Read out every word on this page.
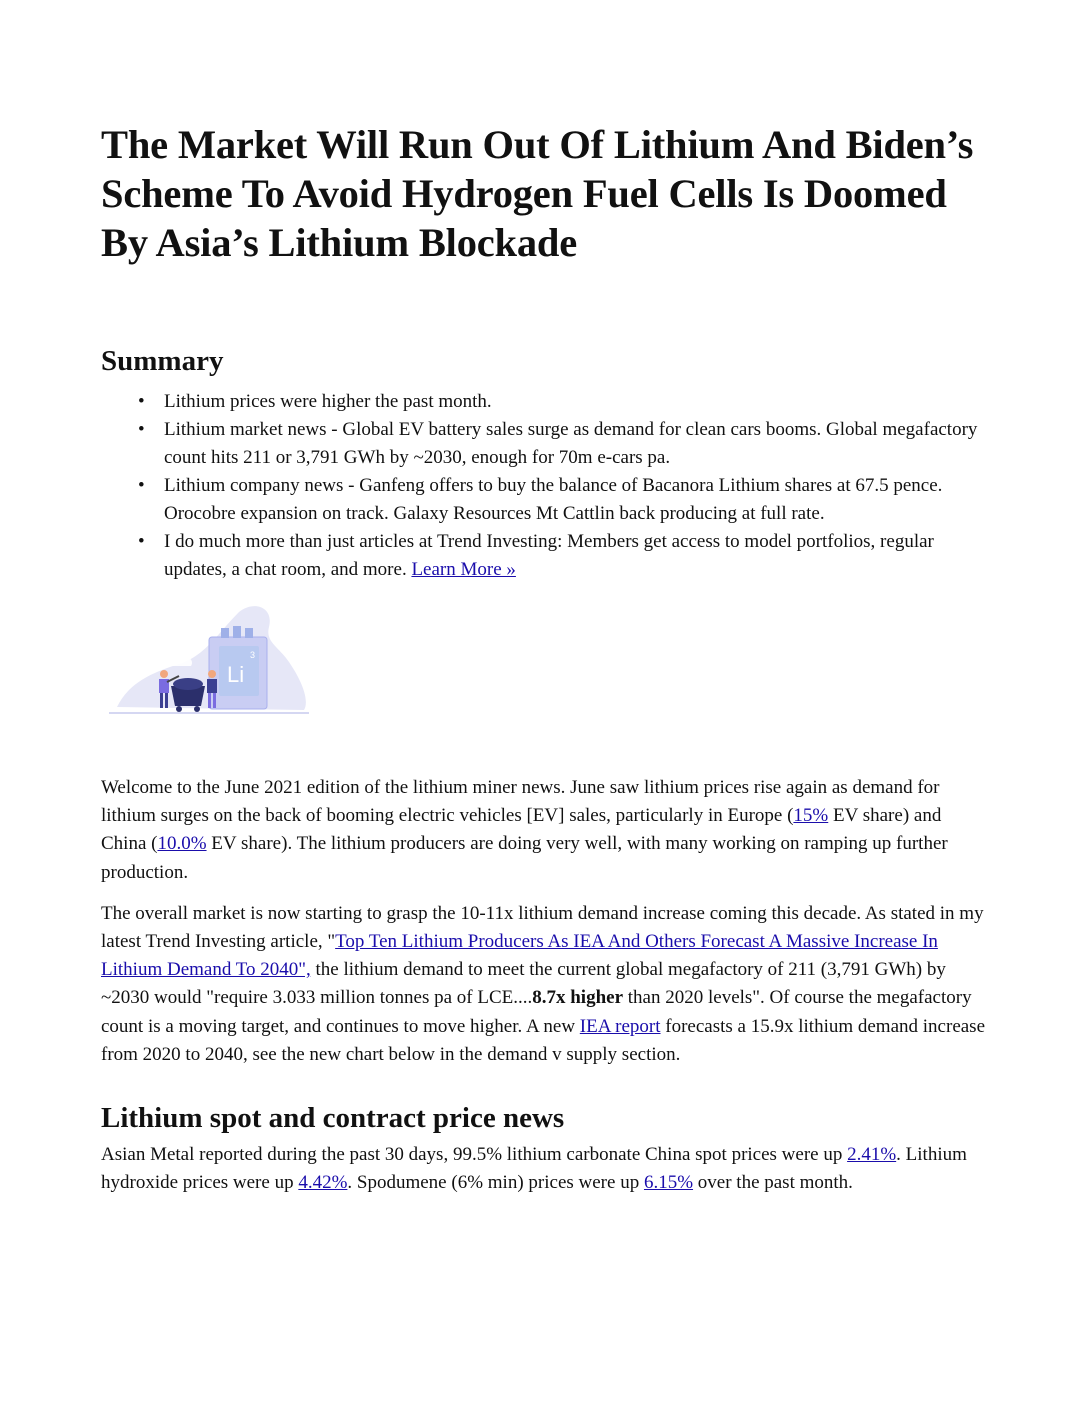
The Market Will Run Out Of Lithium And Biden’s Scheme To Avoid Hydrogen Fuel Cells Is Doomed By Asia’s Lithium Blockade
Summary
• Lithium prices were higher the past month.
• Lithium market news - Global EV battery sales surge as demand for clean cars booms. Global megafactory count hits 211 or 3,791 GWh by ~2030, enough for 70m e-cars pa.
• Lithium company news - Ganfeng offers to buy the balance of Bacanora Lithium shares at 67.5 pence. Orocobre expansion on track. Galaxy Resources Mt Cattlin back producing at full rate.
• I do much more than just articles at Trend Investing: Members get access to model portfolios, regular updates, a chat room, and more. Learn More »
Li
3

Welcome to the June 2021 edition of the lithium miner news. June saw lithium prices rise again as demand for lithium surges on the back of booming electric vehicles [EV] sales, particularly in Europe (15% EV share) and China (10.0% EV share). The lithium producers are doing very well, with many working on ramping up further production.

The overall market is now starting to grasp the 10-11x lithium demand increase coming this decade. As stated in my latest Trend Investing article, "Top Ten Lithium Producers As IEA And Others Forecast A Massive Increase In Lithium Demand To 2040", the lithium demand to meet the current global megafactory of 211 (3,791 GWh) by ~2030 would "require 3.033 million tonnes pa of LCE....8.7x higher than 2020 levels". Of course the megafactory count is a moving target, and continues to move higher. A new IEA report forecasts a 15.9x lithium demand increase from 2020 to 2040, see the new chart below in the demand v supply section.

Lithium spot and contract price news

Asian Metal reported during the past 30 days, 99.5% lithium carbonate China spot prices were up 2.41%. Lithium hydroxide prices were up 4.42%. Spodumene (6% min) prices were up 6.15% over the past month.
